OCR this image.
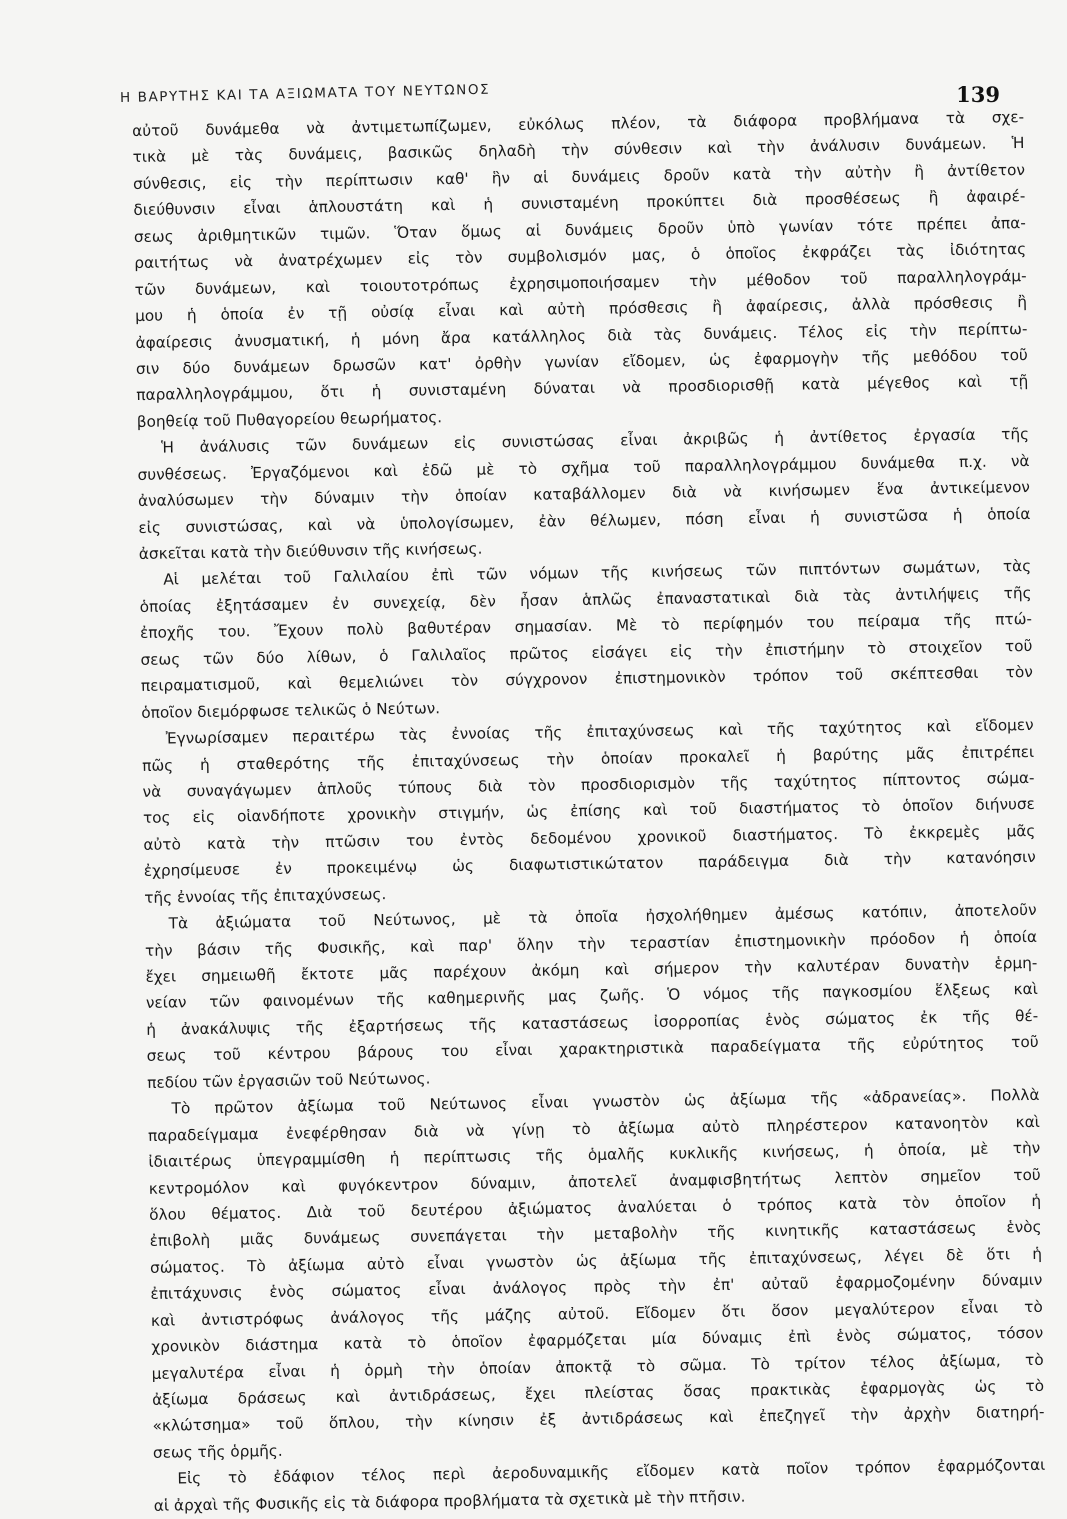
Η ΒΑΡΥΤΗΣ ΚΑΙ ΤΑ ΑΞΙΩΜΑΤΑ ΤΟΥ ΝΕΥΤΩΝΟΣ	139
αὐτοῦ δυνάμεθα νὰ ἀντιμετωπίζωμεν, εὐκόλως πλέον, τὰ διάφορα προβλήμανα τὰ σχε-
τικὰ μὲ τὰς δυνάμεις, βασικῶς δηλαδὴ τὴν σύνθεσιν καὶ τὴν ἀνάλυσιν δυνάμεων. Ἡ
σύνθεσις, εἰς τὴν περίπτωσιν καθ' ἣν αἱ δυνάμεις δροῦν κατὰ τὴν αὐτὴν ἢ ἀντίθετον
διεύθυνσιν εἶναι ἁπλουστάτη καὶ ἡ συνισταμένη προκύπτει διὰ προσθέσεως ἢ ἀφαιρέ-
σεως ἀριθμητικῶν τιμῶν. Ὅταν ὅμως αἱ δυνάμεις δροῦν ὑπὸ γωνίαν τότε πρέπει ἀπα-
ραιτήτως νὰ ἀνατρέχωμεν εἰς τὸν συμβολισμόν μας, ὁ ὁποῖος ἐκφράζει τὰς ἰδιότητας
τῶν δυνάμεων, καὶ τοιουτοτρόπως ἐχρησιμοποιήσαμεν τὴν μέθοδον τοῦ παραλληλογράμ-
μου ἡ ὁποία ἐν τῇ οὐσίᾳ εἶναι καὶ αὐτὴ πρόσθεσις ἢ ἀφαίρεσις, ἀλλὰ πρόσθεσις ἢ
ἀφαίρεσις ἀνυσματική, ἡ μόνη ἄρα κατάλληλος διὰ τὰς δυνάμεις. Τέλος εἰς τὴν περίπτω-
σιν δύο δυνάμεων δρωσῶν κατ' ὀρθὴν γωνίαν εἴδομεν, ὡς ἐφαρμογὴν τῆς μεθόδου τοῦ
παραλληλογράμμου, ὅτι ἡ συνισταμένη δύναται νὰ προσδιορισθῇ κατὰ μέγεθος καὶ τῇ
βοηθείᾳ τοῦ Πυθαγορείου θεωρήματος.
Ἡ ἀνάλυσις τῶν δυνάμεων εἰς συνιστώσας εἶναι ἀκριβῶς ἡ ἀντίθετος ἐργασία τῆς
συνθέσεως. Ἐργαζόμενοι καὶ ἐδῶ μὲ τὸ σχῆμα τοῦ παραλληλογράμμου δυνάμεθα π.χ. νὰ
ἀναλύσωμεν τὴν δύναμιν τὴν ὁποίαν καταβάλλομεν διὰ νὰ κινήσωμεν ἕνα ἀντικείμενον
εἰς συνιστώσας, καὶ νὰ ὑπολογίσωμεν, ἐὰν θέλωμεν, πόση εἶναι ἡ συνιστῶσα ἡ ὁποία
ἀσκεῖται κατὰ τὴν διεύθυνσιν τῆς κινήσεως.
Αἱ μελέται τοῦ Γαλιλαίου ἐπὶ τῶν νόμων τῆς κινήσεως τῶν πιπτόντων σωμάτων, τὰς
ὁποίας ἐξητάσαμεν ἐν συνεχείᾳ, δὲν ἦσαν ἁπλῶς ἐπαναστατικαὶ διὰ τὰς ἀντιλήψεις τῆς
ἐποχῆς του. Ἔχουν πολὺ βαθυτέραν σημασίαν. Μὲ τὸ περίφημόν του πείραμα τῆς πτώ-
σεως τῶν δύο λίθων, ὁ Γαλιλαῖος πρῶτος εἰσάγει εἰς τὴν ἐπιστήμην τὸ στοιχεῖον τοῦ
πειραματισμοῦ, καὶ θεμελιώνει τὸν σύγχρονον ἐπιστημονικὸν τρόπον τοῦ σκέπτεσθαι τὸν
ὁποῖον διεμόρφωσε τελικῶς ὁ Νεύτων.
Ἐγνωρίσαμεν περαιτέρω τὰς ἐννοίας τῆς ἐπιταχύνσεως καὶ τῆς ταχύτητος καὶ εἴδομεν
πῶς ἡ σταθερότης τῆς ἐπιταχύνσεως τὴν ὁποίαν προκαλεῖ ἡ βαρύτης μᾶς ἐπιτρέπει
νὰ συναγάγωμεν ἁπλοῦς τύπους διὰ τὸν προσδιορισμὸν τῆς ταχύτητος πίπτοντος σώμα-
τος εἰς οἱανδήποτε χρονικὴν στιγμήν, ὡς ἐπίσης καὶ τοῦ διαστήματος τὸ ὁποῖον διήνυσε
αὐτὸ κατὰ τὴν πτῶσιν του ἐντὸς δεδομένου χρονικοῦ διαστήματος. Τὸ ἐκκρεμὲς μᾶς
ἐχρησίμευσε ἐν προκειμένῳ ὡς διαφωτιστικώτατον παράδειγμα διὰ τὴν κατανόησιν
τῆς ἐννοίας τῆς ἐπιταχύνσεως.
Τὰ ἀξιώματα τοῦ Νεύτωνος, μὲ τὰ ὁποῖα ἠσχολήθημεν ἀμέσως κατόπιν, ἀποτελοῦν
τὴν βάσιν τῆς Φυσικῆς, καὶ παρ' ὅλην τὴν τεραστίαν ἐπιστημονικὴν πρόοδον ἡ ὁποία
ἔχει σημειωθῆ ἔκτοτε μᾶς παρέχουν ἀκόμη καὶ σήμερον τὴν καλυτέραν δυνατὴν ἑρμη-
νείαν τῶν φαινομένων τῆς καθημερινῆς μας ζωῆς. Ὁ νόμος τῆς παγκοσμίου ἕλξεως καὶ
ἡ ἀνακάλυψις τῆς ἐξαρτήσεως τῆς καταστάσεως ἰσορροπίας ἑνὸς σώματος ἐκ τῆς θέ-
σεως τοῦ κέντρου βάρους του εἶναι χαρακτηριστικὰ παραδείγματα τῆς εὐρύτητος τοῦ
πεδίου τῶν ἐργασιῶν τοῦ Νεύτωνος.
Τὸ πρῶτον ἀξίωμα τοῦ Νεύτωνος εἶναι γνωστὸν ὡς ἀξίωμα τῆς «ἀδρανείας». Πολλὰ
παραδείγμαμα ἐνεφέρθησαν διὰ νὰ γίνῃ τὸ ἀξίωμα αὐτὸ πληρέστερον κατανοητὸν καὶ
ἰδιαιτέρως ὑπεγραμμίσθη ἡ περίπτωσις τῆς ὁμαλῆς κυκλικῆς κινήσεως, ἡ ὁποία, μὲ τὴν
κεντρομόλον καὶ φυγόκεντρον δύναμιν, ἀποτελεῖ ἀναμφισβητήτως λεπτὸν σημεῖον τοῦ
ὅλου θέματος. Διὰ τοῦ δευτέρου ἀξιώματος ἀναλύεται ὁ τρόπος κατὰ τὸν ὁποῖον ἡ
ἐπιβολὴ μιᾶς δυνάμεως συνεπάγεται τὴν μεταβολὴν τῆς κινητικῆς καταστάσεως ἑνὸς
σώματος. Τὸ ἀξίωμα αὐτὸ εἶναι γνωστὸν ὡς ἀξίωμα τῆς ἐπιταχύνσεως, λέγει δὲ ὅτι ἡ
ἐπιτάχυνσις ἑνὸς σώματος εἶναι ἀνάλογος πρὸς τὴν ἐπ' αὐταῦ ἐφαρμοζομένην δύναμιν
καὶ ἀντιστρόφως ἀνάλογος τῆς μάζης αὐτοῦ. Εἴδομεν ὅτι ὅσον μεγαλύτερον εἶναι τὸ
χρονικὸν διάστημα κατὰ τὸ ὁποῖον ἐφαρμόζεται μία δύναμις ἐπὶ ἑνὸς σώματος, τόσον
μεγαλυτέρα εἶναι ἡ ὁρμὴ τὴν ὁποίαν ἀποκτᾷ τὸ σῶμα. Τὸ τρίτον τέλος ἀξίωμα, τὸ
ἀξίωμα δράσεως καὶ ἀντιδράσεως, ἔχει πλείστας ὅσας πρακτικὰς ἐφαρμογὰς ὡς τὸ
«κλώτσημα» τοῦ ὅπλου, τὴν κίνησιν ἐξ ἀντιδράσεως καὶ ἐπεζηγεῖ τὴν ἀρχὴν διατηρή-
σεως τῆς ὁρμῆς.
Εἰς τὸ ἐδάφιον τέλος περὶ ἀεροδυναμικῆς εἴδομεν κατὰ ποῖον τρόπον ἐφαρμόζονται
αἱ ἀρχαὶ τῆς Φυσικῆς εἰς τὰ διάφορα προβλήματα τὰ σχετικὰ μὲ τὴν πτῆσιν.
